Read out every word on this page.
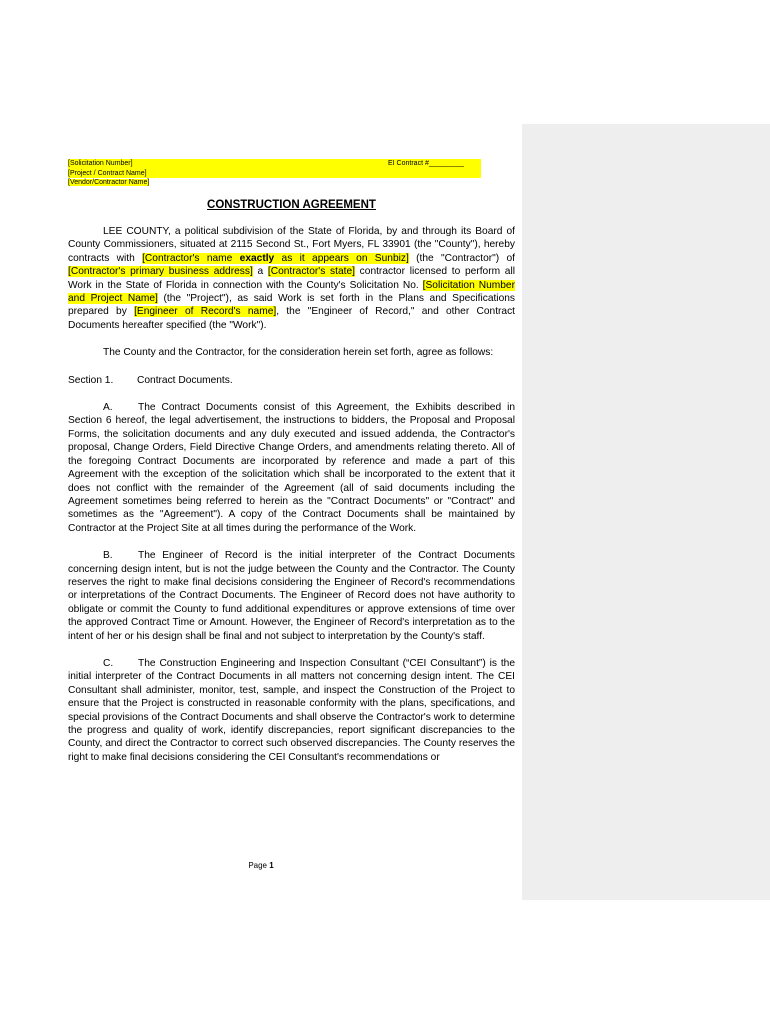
[Solicitation Number]	EI Contract #_________
[Project / Contract Name]
[Vendor/Contractor Name]
CONSTRUCTION AGREEMENT

LEE COUNTY, a political subdivision of the State of Florida, by and through its Board of County Commissioners, situated at 2115 Second St., Fort Myers, FL 33901 (the "County"), hereby contracts with [Contractor's name exactly as it appears on Sunbiz] (the "Contractor") of [Contractor's primary business address] a [Contractor's state] contractor licensed to perform all Work in the State of Florida in connection with the County's Solicitation No. [Solicitation Number and Project Name] (the "Project"), as said Work is set forth in the Plans and Specifications prepared by [Engineer of Record's name], the "Engineer of Record," and other Contract Documents hereafter specified (the "Work").

The County and the Contractor, for the consideration herein set forth, agree as follows:

Section 1. Contract Documents.

A. The Contract Documents consist of this Agreement, the Exhibits described in Section 6 hereof, the legal advertisement, the instructions to bidders, the Proposal and Proposal Forms, the solicitation documents and any duly executed and issued addenda, the Contractor's proposal, Change Orders, Field Directive Change Orders, and amendments relating thereto. All of the foregoing Contract Documents are incorporated by reference and made a part of this Agreement with the exception of the solicitation which shall be incorporated to the extent that it does not conflict with the remainder of the Agreement (all of said documents including the Agreement sometimes being referred to herein as the "Contract Documents" or "Contract" and sometimes as the "Agreement"). A copy of the Contract Documents shall be maintained by Contractor at the Project Site at all times during the performance of the Work.

B. The Engineer of Record is the initial interpreter of the Contract Documents concerning design intent, but is not the judge between the County and the Contractor. The County reserves the right to make final decisions considering the Engineer of Record's recommendations or interpretations of the Contract Documents. The Engineer of Record does not have authority to obligate or commit the County to fund additional expenditures or approve extensions of time over the approved Contract Time or Amount. However, the Engineer of Record's interpretation as to the intent of her or his design shall be final and not subject to interpretation by the County's staff.

C. The Construction Engineering and Inspection Consultant (“CEI Consultant”) is the initial interpreter of the Contract Documents in all matters not concerning design intent. The CEI Consultant shall administer, monitor, test, sample, and inspect the Construction of the Project to ensure that the Project is constructed in reasonable conformity with the plans, specifications, and special provisions of the Contract Documents and shall observe the Contractor's work to determine the progress and quality of work, identify discrepancies, report significant discrepancies to the County, and direct the Contractor to correct such observed discrepancies. The County reserves the right to make final decisions considering the CEI Consultant's recommendations or

Page 1
